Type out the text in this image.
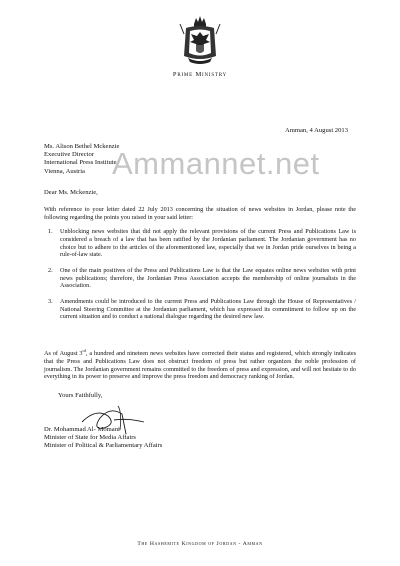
Prime Ministry
Amman, 4 August 2013
Ms. Alison Bethel Mckenzie
Executive Director
International Press Institute
Vienna, Austria Ammannet.net
Dear Ms. Mckenzie,
With reference to your letter dated 22 July 2013 concerning the situation of news websites in Jordan, please note the following regarding the points you raised in your said letter:
1.	Unblocking news websites that did not apply the relevant provisions of the current Press and Publications Law is considered a breach of a law that has been ratified by the Jordanian parliament. The Jordanian government has no choice but to adhere to the articles of the aforementioned law, especially that we in Jordan pride ourselves in being a rule-of-law state.
2.	One of the main positives of the Press and Publications Law is that the Law equates online news websites with print news publications; therefore, the Jordanian Press Association accepts the membership of online journalists in the Association.
3.	Amendments could be introduced to the current Press and Publications Law through the House of Representatives / National Steering Committee at the Jordanian parliament, which has expressed its commitment to follow up on the current situation and to conduct a national dialogue regarding the desired new law.
As of August 3rd, a hundred and nineteen news websites have corrected their status and registered, which strongly indicates that the Press and Publications Law does not obstruct freedom of press but rather organizes the noble profession of journalism. The Jordanian government remains committed to the freedom of press and expression, and will not hesitate to do everything in its power to preserve and improve the press freedom and democracy ranking of Jordan.
Yours Faithfully,
Dr. Mohammad Al- Momani
Minister of State for Media Affairs
Minister of Political & Parliamentary Affairs
The Hashemite Kingdom of Jordan - Amman
